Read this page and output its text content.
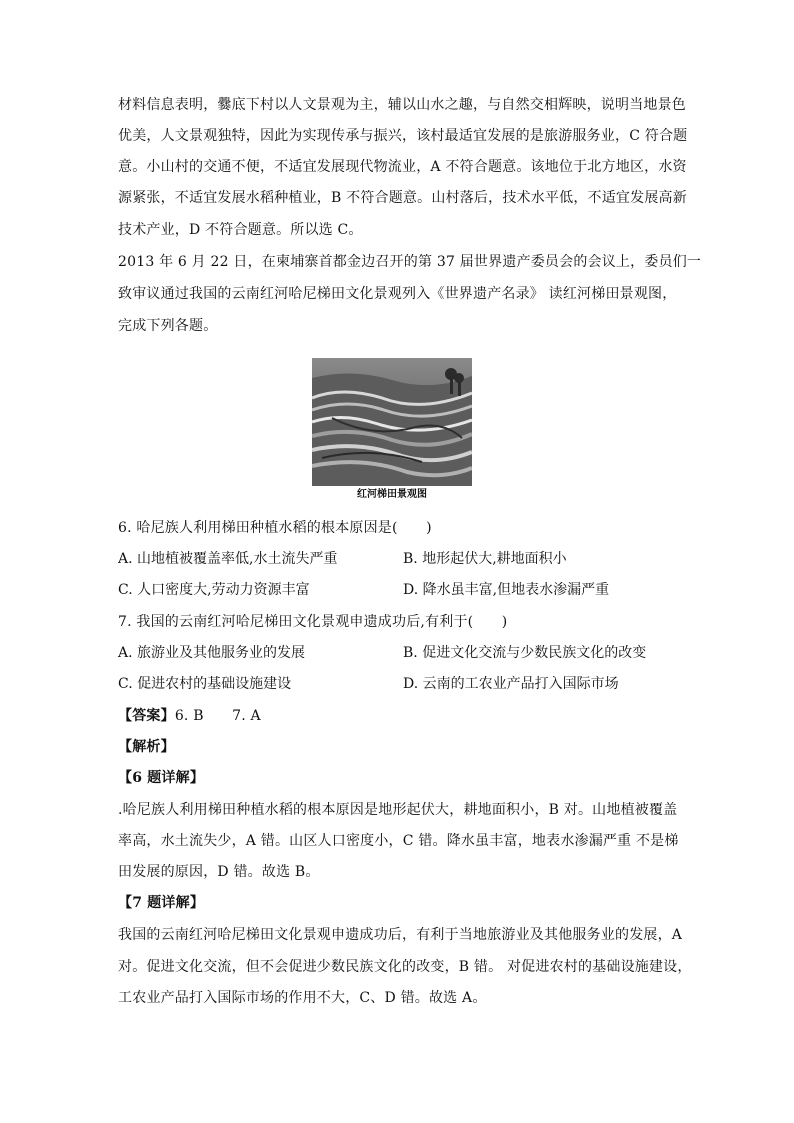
材料信息表明，爨底下村以人文景观为主，辅以山水之趣，与自然交相辉映，说明当地景色
优美，人文景观独特，因此为实现传承与振兴，该村最适宜发展的是旅游服务业，C 符合题
意。小山村的交通不便，不适宜发展现代物流业，A 不符合题意。该地位于北方地区，水资
源紧张，不适宜发展水稻种植业，B 不符合题意。山村落后，技术水平低，不适宜发展高新
技术产业，D 不符合题意。所以选 C。
2013 年 6 月 22 日，在柬埔寨首都金边召开的第 37 届世界遗产委员会的会议上，委员们一
致审议通过我国的云南红河哈尼梯田文化景观列入《世界遗产名录》 读红河梯田景观图，
完成下列各题。
红河梯田景观图
6. 哈尼族人利用梯田种植水稻的根本原因是(　　)
A. 山地植被覆盖率低,水土流失严重	B. 地形起伏大,耕地面积小
C. 人口密度大,劳动力资源丰富	D. 降水虽丰富,但地表水渗漏严重
7. 我国的云南红河哈尼梯田文化景观申遗成功后,有利于(　　)
A. 旅游业及其他服务业的发展	B. 促进文化交流与少数民族文化的改变
C. 促进农村的基础设施建设	D. 云南的工农业产品打入国际市场
【答案】6. B　　7. A
【解析】
【6 题详解】
.哈尼族人利用梯田种植水稻的根本原因是地形起伏大，耕地面积小，B 对。山地植被覆盖
率高，水土流失少，A 错。山区人口密度小，C 错。降水虽丰富，地表水渗漏严重 不是梯
田发展的原因，D 错。故选 B。
【7 题详解】
我国的云南红河哈尼梯田文化景观申遗成功后，有利于当地旅游业及其他服务业的发展，A
对。促进文化交流，但不会促进少数民族文化的改变，B 错。 对促进农村的基础设施建设，
工农业产品打入国际市场的作用不大，C、D 错。故选 A。
